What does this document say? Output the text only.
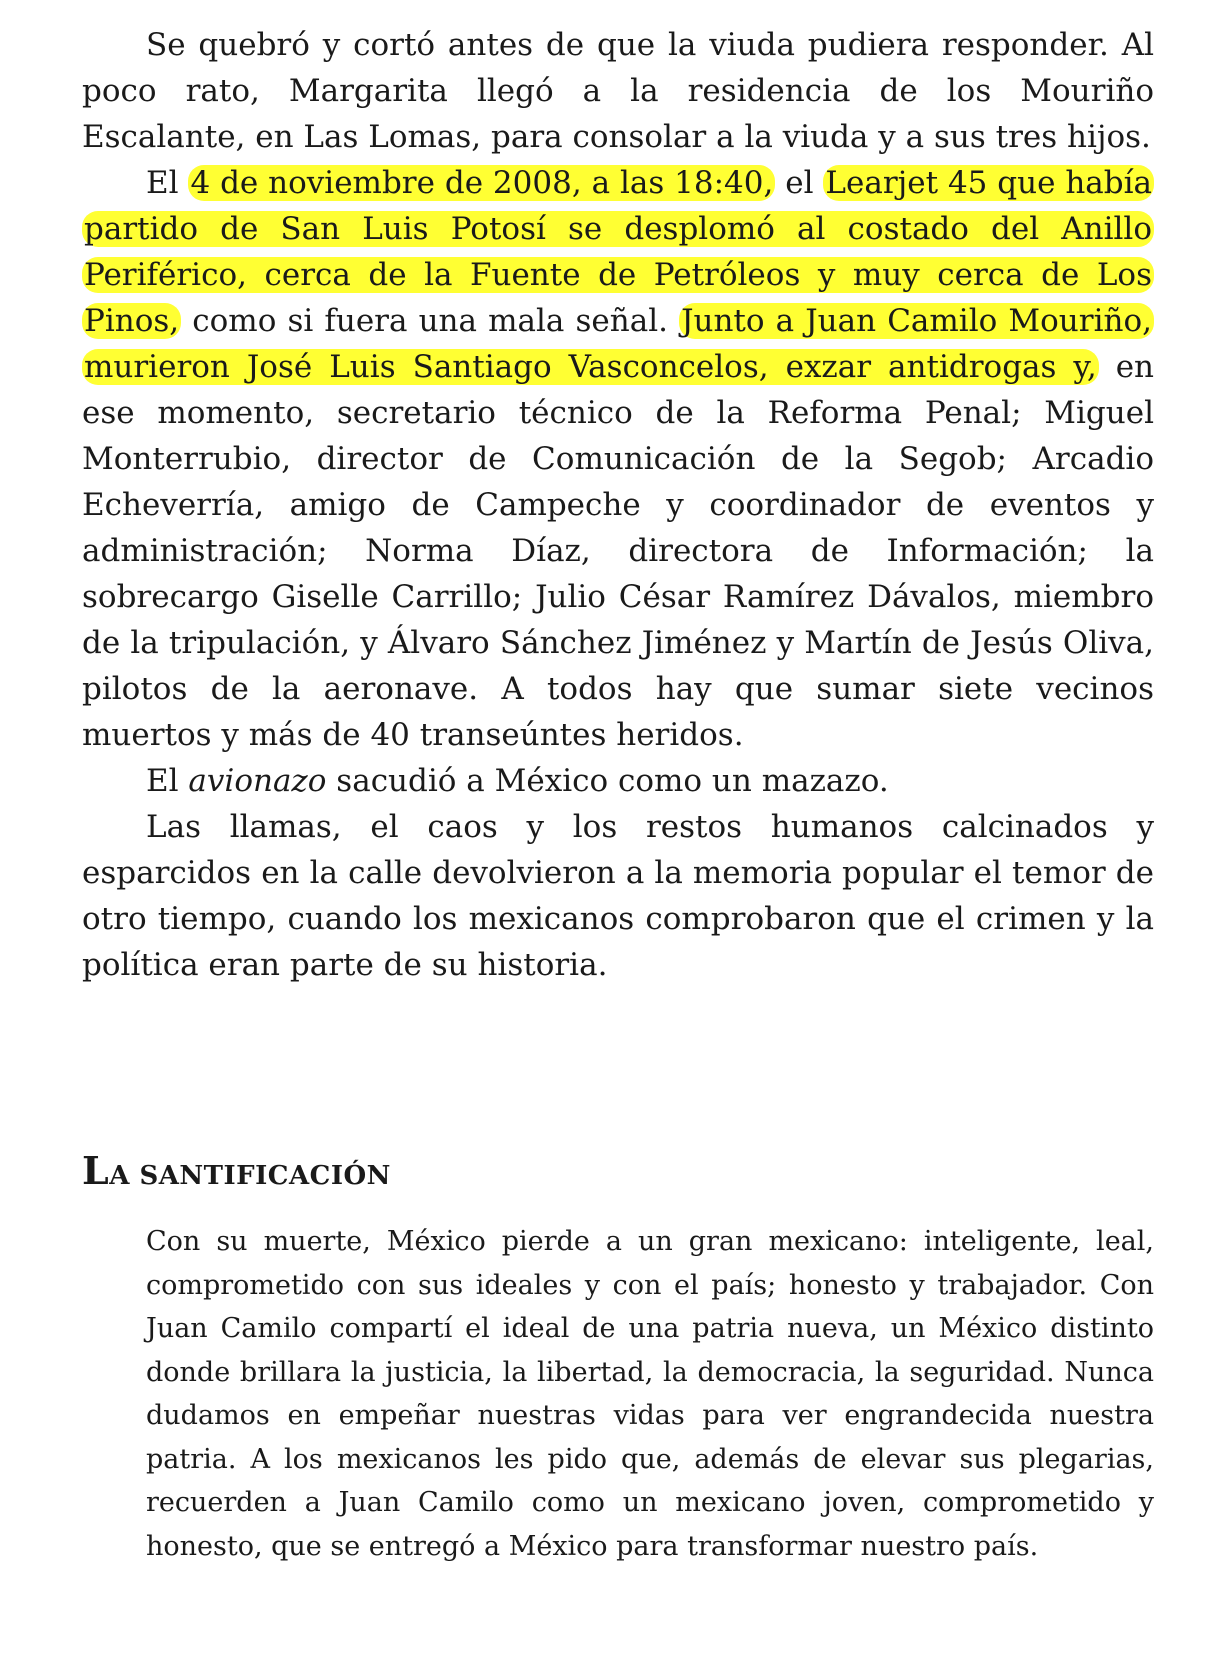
Se quebró y cortó antes de que la viuda pudiera responder. Al poco rato, Margarita llegó a la residencia de los Mouriño Escalante, en Las Lomas, para consolar a la viuda y a sus tres hijos.

El 4 de noviembre de 2008, a las 18:40, el Learjet 45 que había partido de San Luis Potosí se desplomó al costado del Anillo Periférico, cerca de la Fuente de Petróleos y muy cerca de Los Pinos, como si fuera una mala señal. Junto a Juan Camilo Mouriño, murieron José Luis Santiago Vasconcelos, exzar antidrogas y, en ese momento, secretario técnico de la Reforma Penal; Miguel Monterrubio, director de Comunicación de la Segob; Arcadio Echeverría, amigo de Campeche y coordinador de eventos y administración; Norma Díaz, directora de Información; la sobrecargo Giselle Carrillo; Julio César Ramírez Dávalos, miembro de la tripulación, y Álvaro Sánchez Jiménez y Martín de Jesús Oliva, pilotos de la aeronave. A todos hay que sumar siete vecinos muertos y más de 40 transeúntes heridos.

El avionazo sacudió a México como un mazazo.

Las llamas, el caos y los restos humanos calcinados y esparcidos en la calle devolvieron a la memoria popular el temor de otro tiempo, cuando los mexicanos comprobaron que el crimen y la política eran parte de su historia.

LA SANTIFICACIÓN

Con su muerte, México pierde a un gran mexicano: inteligente, leal, comprometido con sus ideales y con el país; honesto y trabajador. Con Juan Camilo compartí el ideal de una patria nueva, un México distinto donde brillara la justicia, la libertad, la democracia, la seguridad. Nunca dudamos en empeñar nuestras vidas para ver engrandecida nuestra patria. A los mexicanos les pido que, además de elevar sus plegarias, recuerden a Juan Camilo como un mexicano joven, comprometido y honesto, que se entregó a México para transformar nuestro país.
